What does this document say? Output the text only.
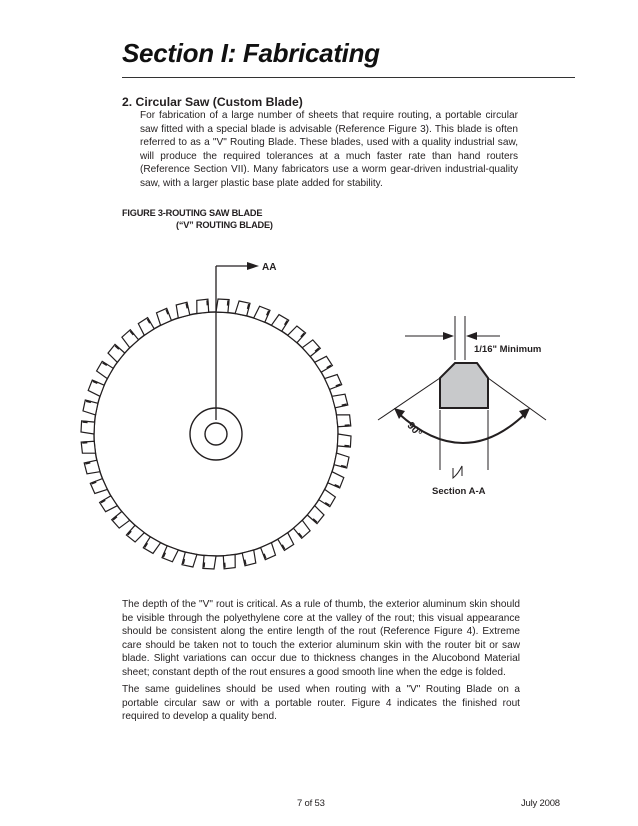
Section I: Fabricating
2. Circular Saw (Custom Blade)

For fabrication of a large number of sheets that require routing, a portable circular saw fitted with a special blade is advisable (Reference Figure 3). This blade is often referred to as a "V" Routing Blade. These blades, used with a quality industrial saw, will produce the required tolerances at a much faster rate than hand routers (Reference Section VII). Many fabricators use a worm gear-driven industrial-quality saw, with a larger plastic base plate added for stability.

FIGURE 3-ROUTING SAW BLADE
(“V” ROUTING BLADE)
AA
1/16" Minimum
90°
Section A-A

The depth of the "V" rout is critical. As a rule of thumb, the exterior aluminum skin should be visible through the polyethylene core at the valley of the rout; this visual appearance should be consistent along the entire length of the rout (Reference Figure 4). Extreme care should be taken not to touch the exterior aluminum skin with the router bit or saw blade. Slight variations can occur due to thickness changes in the Alucobond Material sheet; constant depth of the rout ensures a good smooth line when the edge is folded.

The same guidelines should be used when routing with a "V" Routing Blade on a portable circular saw or with a portable router. Figure 4 indicates the finished rout required to develop a quality bend.

7 of 53	July 2008
